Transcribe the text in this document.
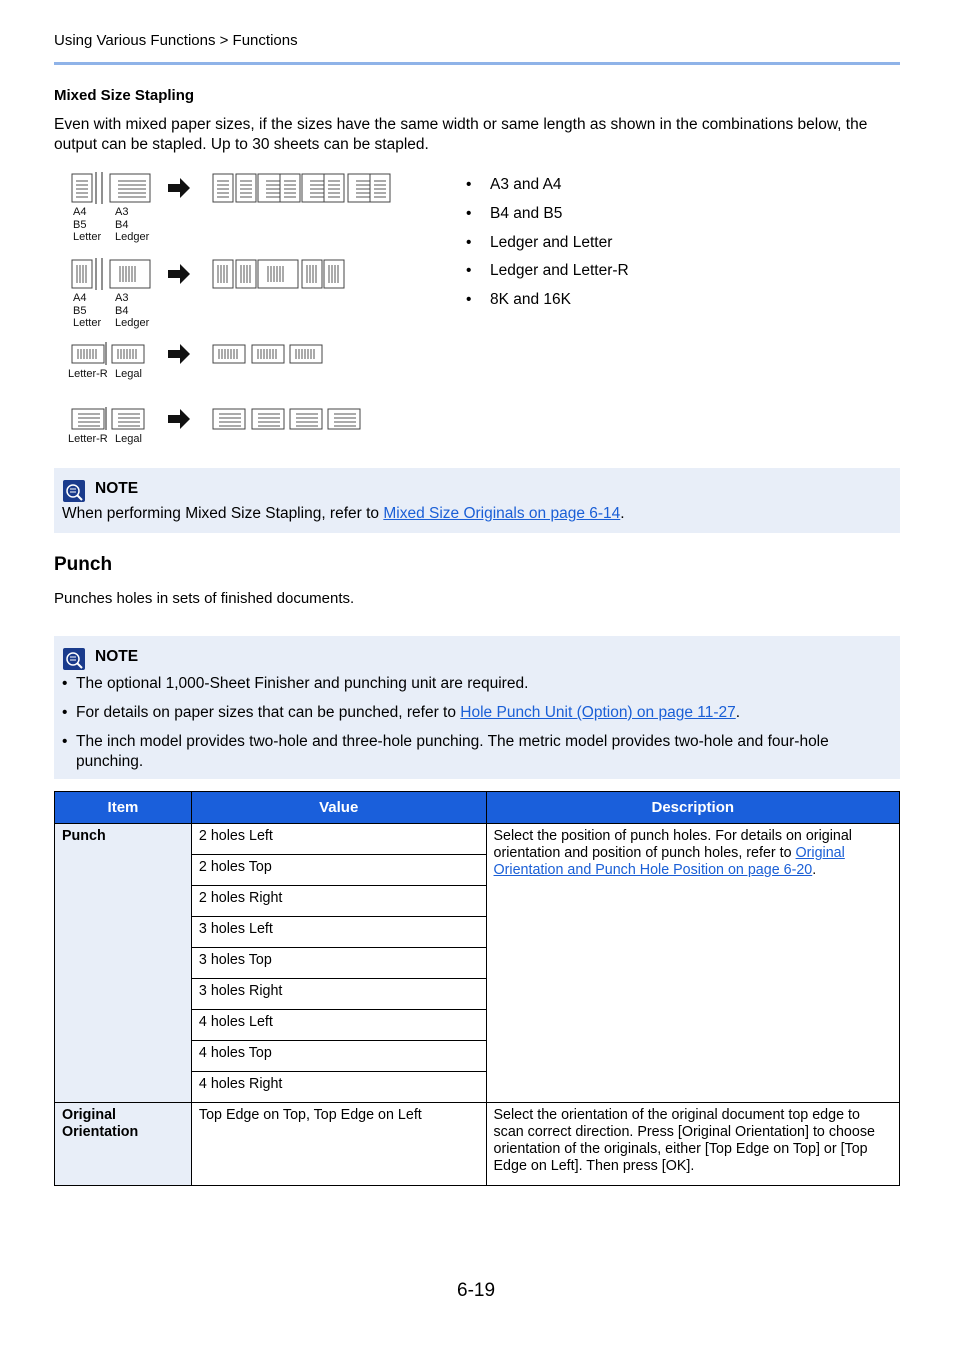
Using Various Functions > Functions
Mixed Size Stapling
Even with mixed paper sizes, if the sizes have the same width or same length as shown in the combinations below, the output can be stapled. Up to 30 sheets can be stapled.
A4
B5
Letter
A3
B4
Ledger
A4
B5
Letter
A3
B4
Ledger
Letter-R Legal
Letter-R Legal
• A3 and A4
• B4 and B5
• Ledger and Letter
• Ledger and Letter-R
• 8K and 16K
NOTE
When performing Mixed Size Stapling, refer to Mixed Size Originals on page 6-14.
Punch
Punches holes in sets of finished documents.
NOTE
• The optional 1,000-Sheet Finisher and punching unit are required.
• For details on paper sizes that can be punched, refer to Hole Punch Unit (Option) on page 11-27.
• The inch model provides two-hole and three-hole punching. The metric model provides two-hole and four-hole punching.
Item	Value	Description
Punch	2 holes Left	Select the position of punch holes. For details on original orientation and position of punch holes, refer to Original Orientation and Punch Hole Position on page 6-20.
	2 holes Top	
	2 holes Right	
	3 holes Left	
	3 holes Top	
	3 holes Right	
	4 holes Left	
	4 holes Top	
	4 holes Right	
Original Orientation	Top Edge on Top, Top Edge on Left	Select the orientation of the original document top edge to scan correct direction. Press [Original Orientation] to choose orientation of the originals, either [Top Edge on Top] or [Top Edge on Left]. Then press [OK].
6-19
